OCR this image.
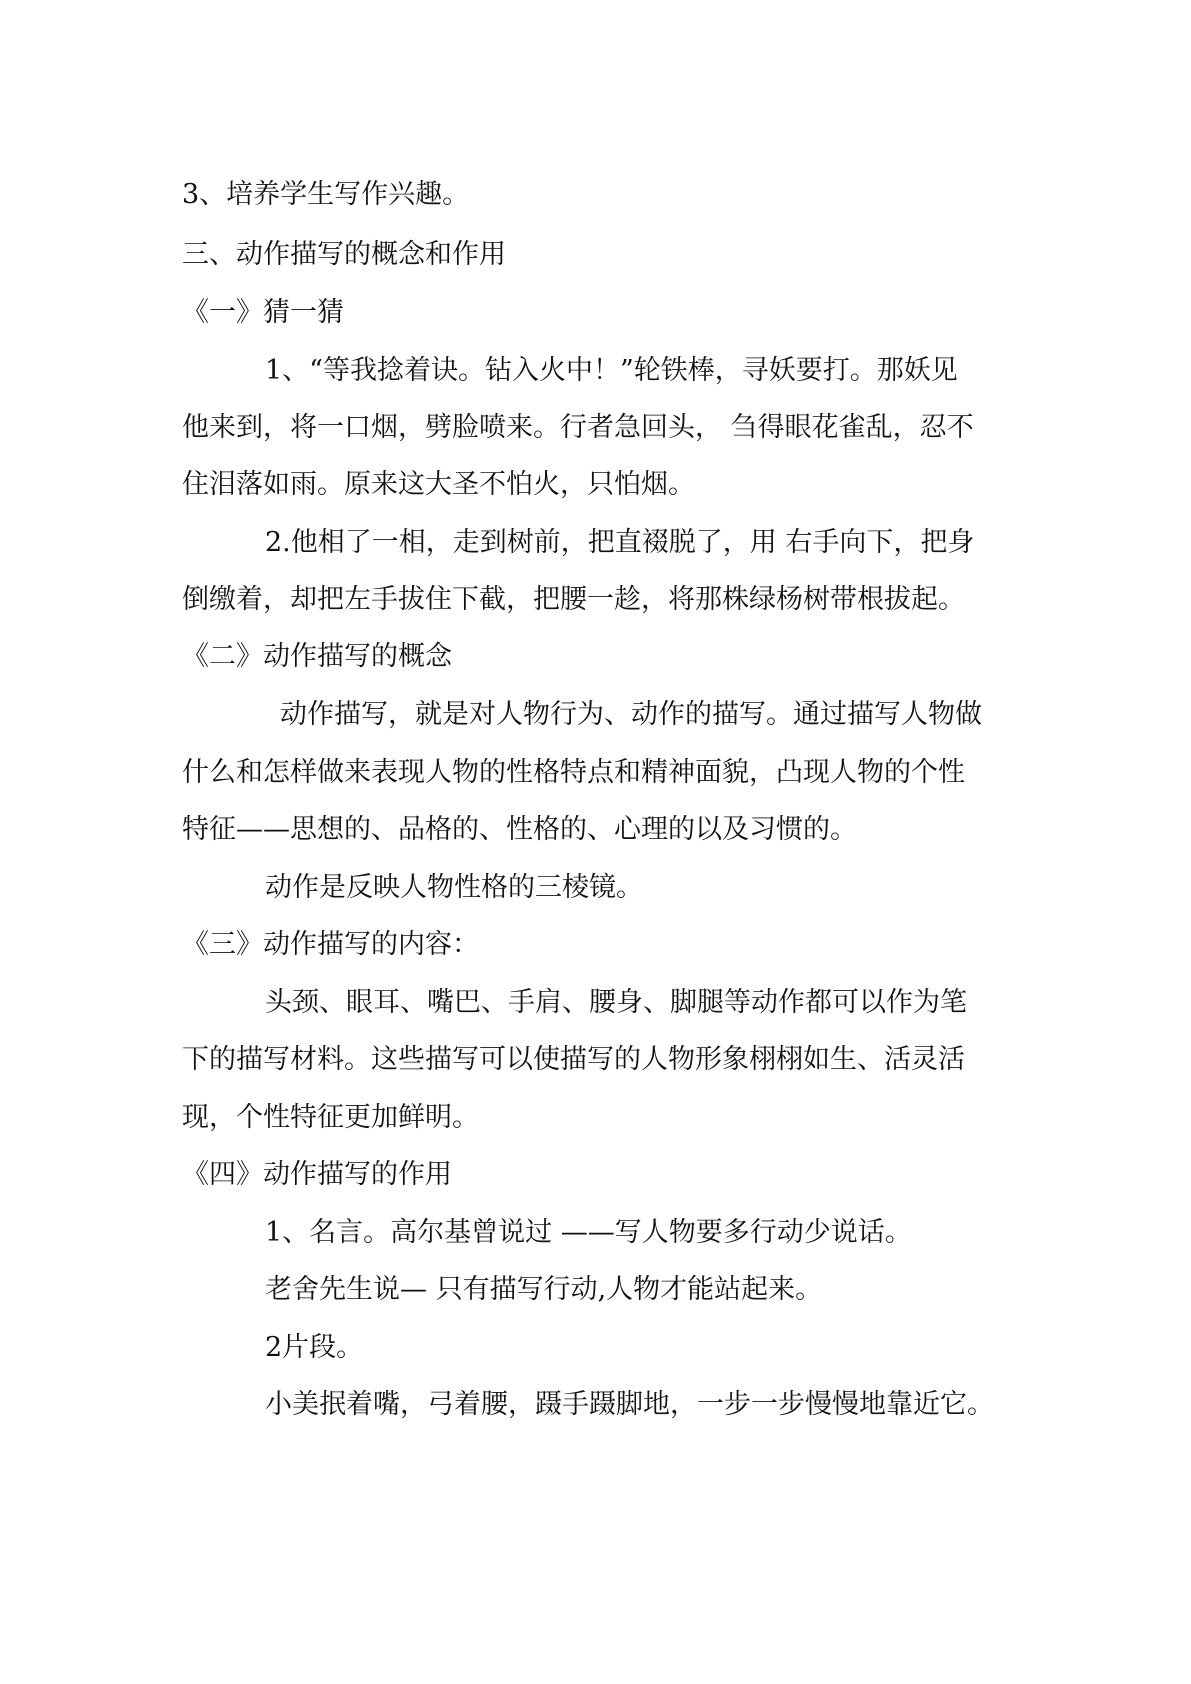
3、培养学生写作兴趣。

三、动作描写的概念和作用

《一》猜一猜

1、“等我捻着诀。钻入火中！”轮铁棒，寻妖要打。那妖见

他来到，将一口烟，劈脸喷来。行者急回头， 刍得眼花雀乱，忍不

住泪落如雨。原来这大圣不怕火，只怕烟。

2.他相了一相，走到树前，把直裰脱了，用 右手向下，把身

倒缴着，却把左手拔住下截，把腰一趁，将那株绿杨树带根拔起。

《二》动作描写的概念

动作描写，就是对人物行为、动作的描写。通过描写人物做

什么和怎样做来表现人物的性格特点和精神面貌，凸现人物的个性

特征——思想的、品格的、性格的、心理的以及习惯的。

动作是反映人物性格的三棱镜。

《三》动作描写的内容：

头颈、眼耳、嘴巴、手肩、腰身、脚腿等动作都可以作为笔

下的描写材料。这些描写可以使描写的人物形象栩栩如生、活灵活

现，个性特征更加鲜明。

《四》动作描写的作用

1、名言。高尔基曾说过 ——写人物要多行动少说话。

老舍先生说— 只有描写行动,人物才能站起来。

2片段。

小美抿着嘴，弓着腰，蹑手蹑脚地，一步一步慢慢地靠近它。
